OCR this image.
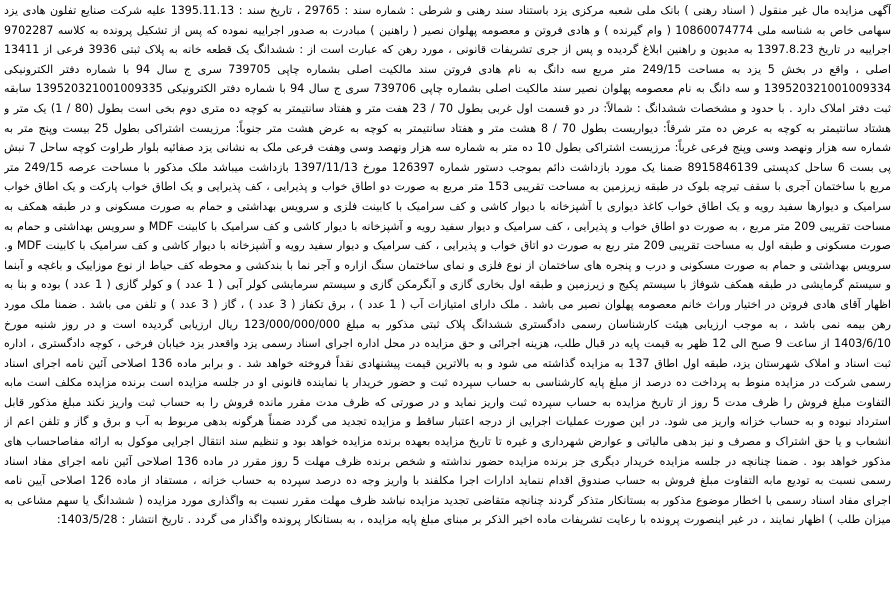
آگهی مزایده مال غیر منقول ( اسناد رهنی ) بانک ملی شعبه مرکزی یزد باستناد سند رهنی و شرطی : شماره سند : 29765 ، تاریخ سند : 1395.11.13 علیه شرکت صنایع تفلون هادی یزد سهامی خاص به شناسه ملی 10860074774 ( وام گیرنده ) و هادی فروتن و معصومه پهلوان نصیر ( راهنین ) مبادرت به صدور اجراییه نموده که پس از تشکیل پرونده به کلاسه 9702287 اجراییه در تاریخ 1397.8.23 به مدیون و راهنین ابلاغ گردیده و پس از جری تشریفات قانونی ، مورد رهن که عبارت است از : ششدانگ یک قطعه خانه به پلاک ثبتی 3936 فرعی از 13411 اصلی ، واقع در بخش 5 یزد به مساحت 249/15 متر مربع سه دانگ به نام هادی فروتن سند مالکیت اصلی بشماره چاپی 739705 سری ج سال 94 با شماره دفتر الکترونیکی 139520321001009334 و سه دانگ به نام معصومه پهلوان نصیر سند مالکیت اصلی بشماره چاپی 739706 سری ج سال 94 با شماره دفتر الکترونیکی 139520321001009335 سابقه ثبت دفتر املاک دارد . با حدود و مشخصات ششدانگ : شمالاً: در دو قسمت اول غربی بطول 70 / 23 هفت متر و هفتاد سانتیمتر به کوچه ده متری دوم بخی است بطول (80 / 1) یک متر و هشتاد سانتیمتر به کوچه به عرض ده متر شرقاً: دیواریست بطول 70 / 8 هشت متر و هفتاد سانتیمتر به کوچه به عرض هشت متر جنوباً: مرزیست اشتراکی بطول 25 بیست وپنج متر به شماره سه هزار ونهصد وسی وپنج فرعی غرباً: مرزیست اشتراکی بطول 10 ده متر به شماره سه هزار ونهصد وسی وهفت فرعی ملک به نشانی یزد صفائیه بلوار طراوت کوچه ساحل 7 نبش پی بست 6 ساحل کدپستی 8915846139 ضمنا یک مورد بازداشت دائم بموجب دستور شماره 126397 مورخ 1397/11/13 بازداشت میباشد ملک مذکور با مساحت عرصه 249/15 متر مربع با ساختمان آجری با سقف تیرچه بلوک در طبقه زیرزمین به مساحت تقریبی 153 متر مربع به صورت دو اطاق خواب و پذیرایی ، کف پذیرایی و یک اطاق خواب پارکت و یک اطاق خواب سرامیک و دیوارها سفید رویه و یک اطاق خواب کاغذ دیواری با آشپزخانه با دیوار کاشی و کف سرامیک با کابینت فلزی و سرویس بهداشتی و حمام به صورت مسکونی و در طبقه همکف به مساحت تقریبی 209 متر مربع ، به صورت دو اطاق خواب و پذیرایی ، کف سرامیک و دیوار سفید رویه و آشپزخانه با دیوار کاشی و کف سرامیک با کابینت MDF و سرویس بهداشتی و حمام به صورت مسکونی و طبقه اول به مساحت تقریبی 209 متر ربع به صورت دو اتاق خواب و پذیرایی ، کف سرامیک و دیوار سفید رویه و آشپزخانه با دیوار کاشی و کف سرامیک با کابینت MDF و. سرویس بهداشتی و حمام به صورت مسکونی و درب و پنجره های ساختمان از نوع فلزی و نمای ساختمان سنگ ازاره و آجر نما با بندکشی و محوطه کف حیاط از نوع موزاییک و باغچه و آبنما و سیستم گرمایشی در طبقه همکف شوفاژ با سیستم پکیج و زیرزمین و طبقه اول بخاری گازی و آبگرمکن گازی و سیستم سرمایشی کولر آبی ( 1 عدد ) و کولر گازی ( 1 عدد ) بوده و بنا به اظهار آقای هادی فروتن در اختیار وراث خانم معصومه پهلوان نصیر می باشد . ملک دارای امتیازات آب ( 1 عدد ) ، برق تکفاز ( 3 عدد ) ، گاز ( 3 عدد ) و تلفن می باشد . ضمنا ملک مورد رهن بیمه نمی باشد ، به موجب ارزیابی هیئت کارشناسان رسمی دادگستری ششدانگ پلاک ثبتی مذکور به مبلغ 123/000/000/000 ریال ارزیابی گردیده است و در روز شنبه مورخ 1403/6/10 از ساعت 9 صبح الی 12 ظهر به قیمت پایه در قبال طلب، هزینه اجرائی و حق مزایده در محل اداره اجرای اسناد رسمی یزد واقعدر یزد خیابان فرخی ، کوچه دادگستری ، اداره ثبت اسناد و املاک شهرستان یزد، طبقه اول اطاق 137 به مزایده گذاشته می شود و به بالاترین قیمت پیشنهادی نقداً فروخته خواهد شد . و برابر ماده 136 اصلاحی آئین نامه اجرای اسناد رسمی شرکت در مزایده منوط به پرداخت ده درصد از مبلغ پایه کارشناسی به حساب سپرده ثبت و حضور خریدار یا نماینده قانونی او در جلسه مزایده است برنده مزایده مکلف است مابه التفاوت مبلغ فروش را ظرف مدت 5 روز از تاریخ مزایده به حساب سپرده ثبت واریز نماید و در صورتی که ظرف مدت مقرر مانده فروش را به حساب ثبت واریز نکند مبلغ مذکور قابل استرداد نبوده و به حساب خزانه واریز می شود. در این صورت عملیات اجرایی از درجه اعتبار ساقط و مزایده تجدید می گردد ضمناً هرگونه بدهی مربوط به آب و برق و گاز و تلفن اعم از انشعاب و یا حق اشتراک و مصرف و نیز بدهی مالیاتی و عوارض شهرداری و غیره تا تاریخ مزایده بعهده برنده مزایده خواهد بود و تنظیم سند انتقال اجرایی موکول به ارائه مفاصاحساب های مذکور خواهد بود . ضمنا چنانچه در جلسه مزایده خریدار دیگری جز برنده مزایده حضور نداشته و شخص برنده ظرف مهلت 5 روز مقرر در ماده 136 اصلاحی آئین نامه اجرای مفاد اسناد رسمی نسبت به تودیع مابه التفاوت مبلغ فروش به حساب صندوق اقدام ننماید ادارات اجرا مکلفند با واریز وجه ده درصد سپرده به حساب خزانه ، مستفاد از ماده 126 اصلاحی آیین نامه اجرای مفاد اسناد رسمی با اخطار موضوع مذکور به بستانکار متذکر گردند چنانچه متقاضی تجدید مزایده نباشد ظرف مهلت مقرر نسبت به واگذاری مورد مزایده ( ششدانگ یا سهم مشاعی به میزان طلب ) اظهار نمایند ، در غیر اینصورت پرونده با رعایت تشریفات ماده اخیر الذکر بر مبنای مبلغ پایه مزایده ، به بستانکار پرونده واگذار می گردد . تاریخ انتشار : 1403/5/28:
